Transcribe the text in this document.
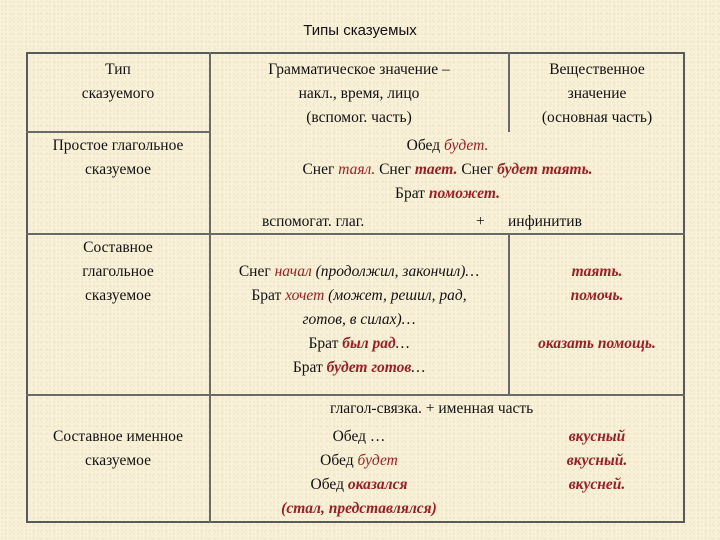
Типы сказуемых
Тип
сказуемого
Грамматическое значение –
накл., время, лицо
(вспомог. часть)
Вещественное
значение
(основная часть)
Простое глагольное
сказуемое
Обед будет.
Снег таял. Снег тает. Снег будет таять.
Брат поможет.
вспомогат. глаг.	+ инфинитив
Составное
глагольное
сказуемое
Снег начал (продолжил, закончил)…
Брат хочет (может, решил, рад,
готов, в силах)…
Брат был рад…
Брат будет готов…
таять.
помочь.
оказать помощь.
глагол-связка. + именная часть
Составное именное
сказуемое
Обед …
Обед будет
Обед оказался
(стал, представлялся)
вкусный
вкусный.
вкусней.
